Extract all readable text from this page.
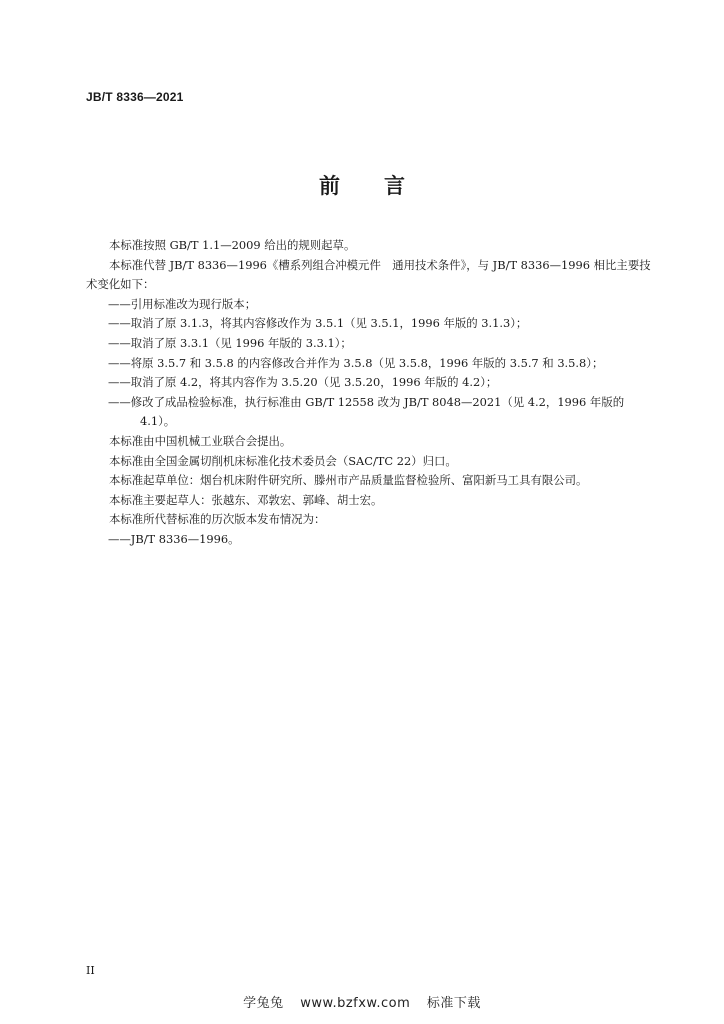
JB/T 8336—2021
前言

本标准按照 GB/T 1.1—2009 给出的规则起草。

本标准代替 JB/T 8336—1996《槽系列组合冲模元件　通用技术条件》，与 JB/T 8336—1996 相比主要技术变化如下：

——引用标准改为现行版本；

——取消了原 3.1.3，将其内容修改作为 3.5.1（见 3.5.1，1996 年版的 3.1.3）；

——取消了原 3.3.1（见 1996 年版的 3.3.1）；

——将原 3.5.7 和 3.5.8 的内容修改合并作为 3.5.8（见 3.5.8，1996 年版的 3.5.7 和 3.5.8）；

——取消了原 4.2，将其内容作为 3.5.20（见 3.5.20，1996 年版的 4.2）；

——修改了成品检验标准，执行标准由 GB/T 12558 改为 JB/T 8048—2021（见 4.2，1996 年版的 4.1）。

本标准由中国机械工业联合会提出。

本标准由全国金属切削机床标准化技术委员会（SAC/TC 22）归口。

本标准起草单位：烟台机床附件研究所、滕州市产品质量监督检验所、富阳新马工具有限公司。

本标准主要起草人：张越东、邓敦宏、郭峰、胡士宏。

本标准所代替标准的历次版本发布情况为：

——JB/T 8336—1996。

II
学兔兔 www.bzfxw.com 标准下载
